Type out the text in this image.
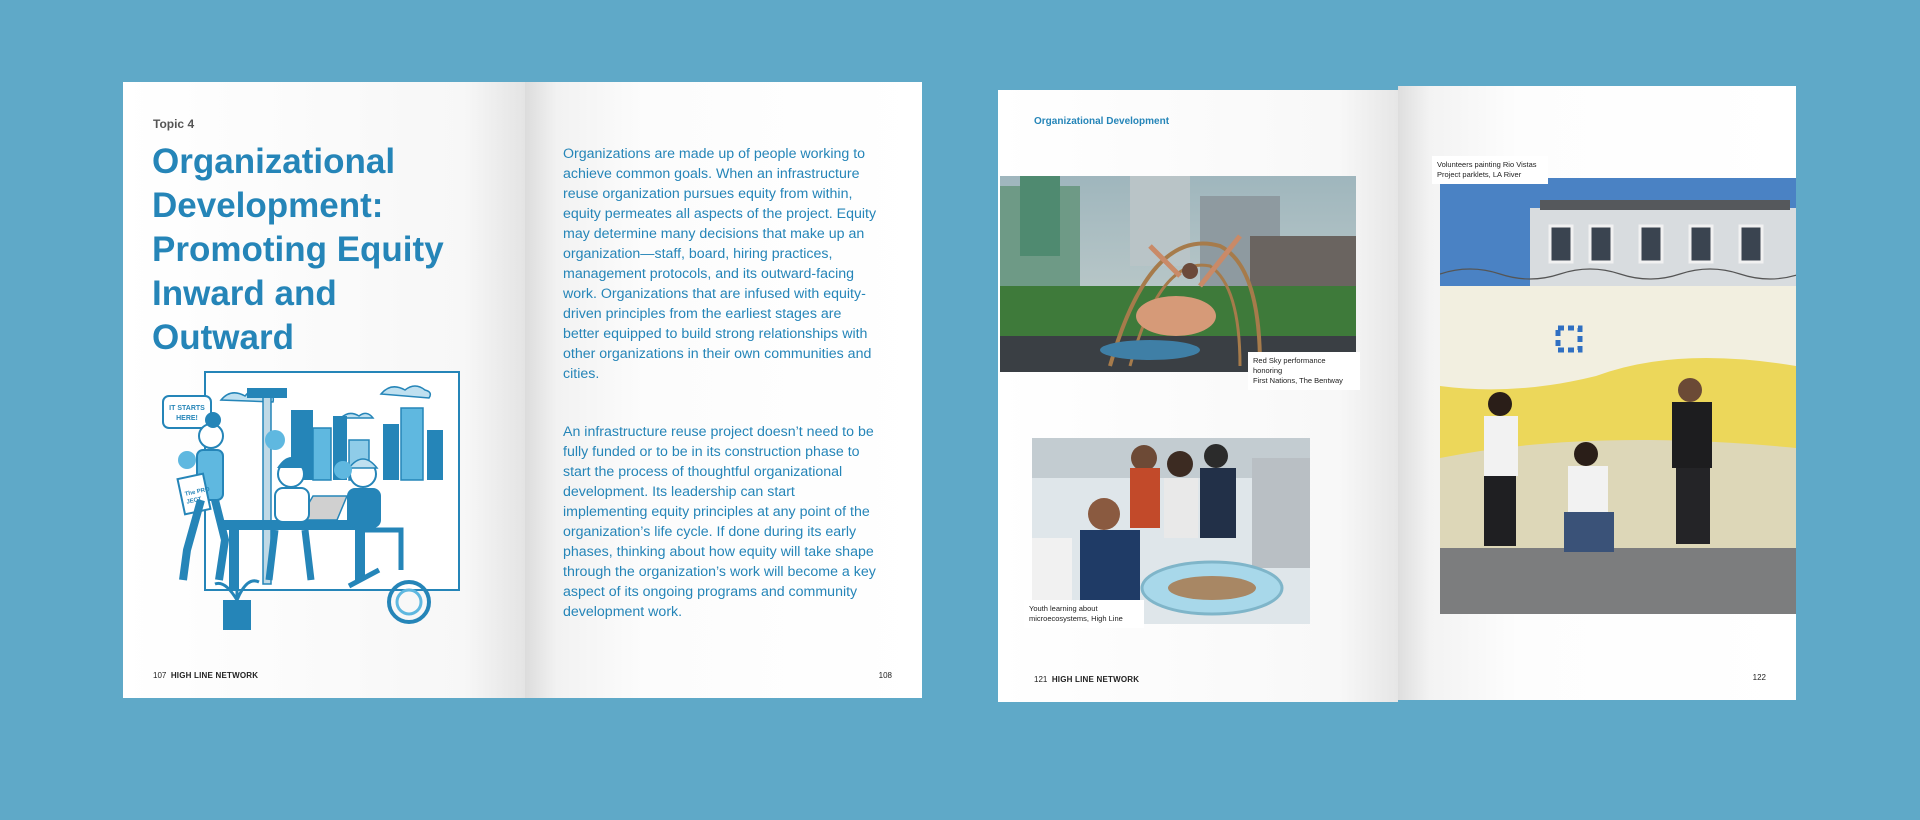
Topic 4
Organizational
Development:
Promoting Equity
Inward and
Outward
IT STARTS
HERE!
The PRO
JECT
107 HIGH LINE NETWORK
Organizations are made up of people working to achieve common goals. When an infrastructure reuse organization pursues equity from within, equity permeates all aspects of the project. Equity may determine many decisions that make up an organization—staff, board, hiring practices, management protocols, and its outward-facing work. Organizations that are infused with equity-driven principles from the earliest stages are better equipped to build strong relationships with other organizations in their own communities and cities.
An infrastructure reuse project doesn’t need to be fully funded or to be in its construction phase to start the process of thoughtful organizational development. Its leadership can start implementing equity principles at any point of the organization’s life cycle. If done during its early phases, thinking about how equity will take shape through the organization’s work will become a key aspect of its ongoing programs and community development work.
108
Organizational Development
Red Sky performance honoring
First Nations, The Bentway
Youth learning about
microecosystems, High Line
121 HIGH LINE NETWORK
Volunteers painting Rio Vistas
Project parklets, LA River
122
